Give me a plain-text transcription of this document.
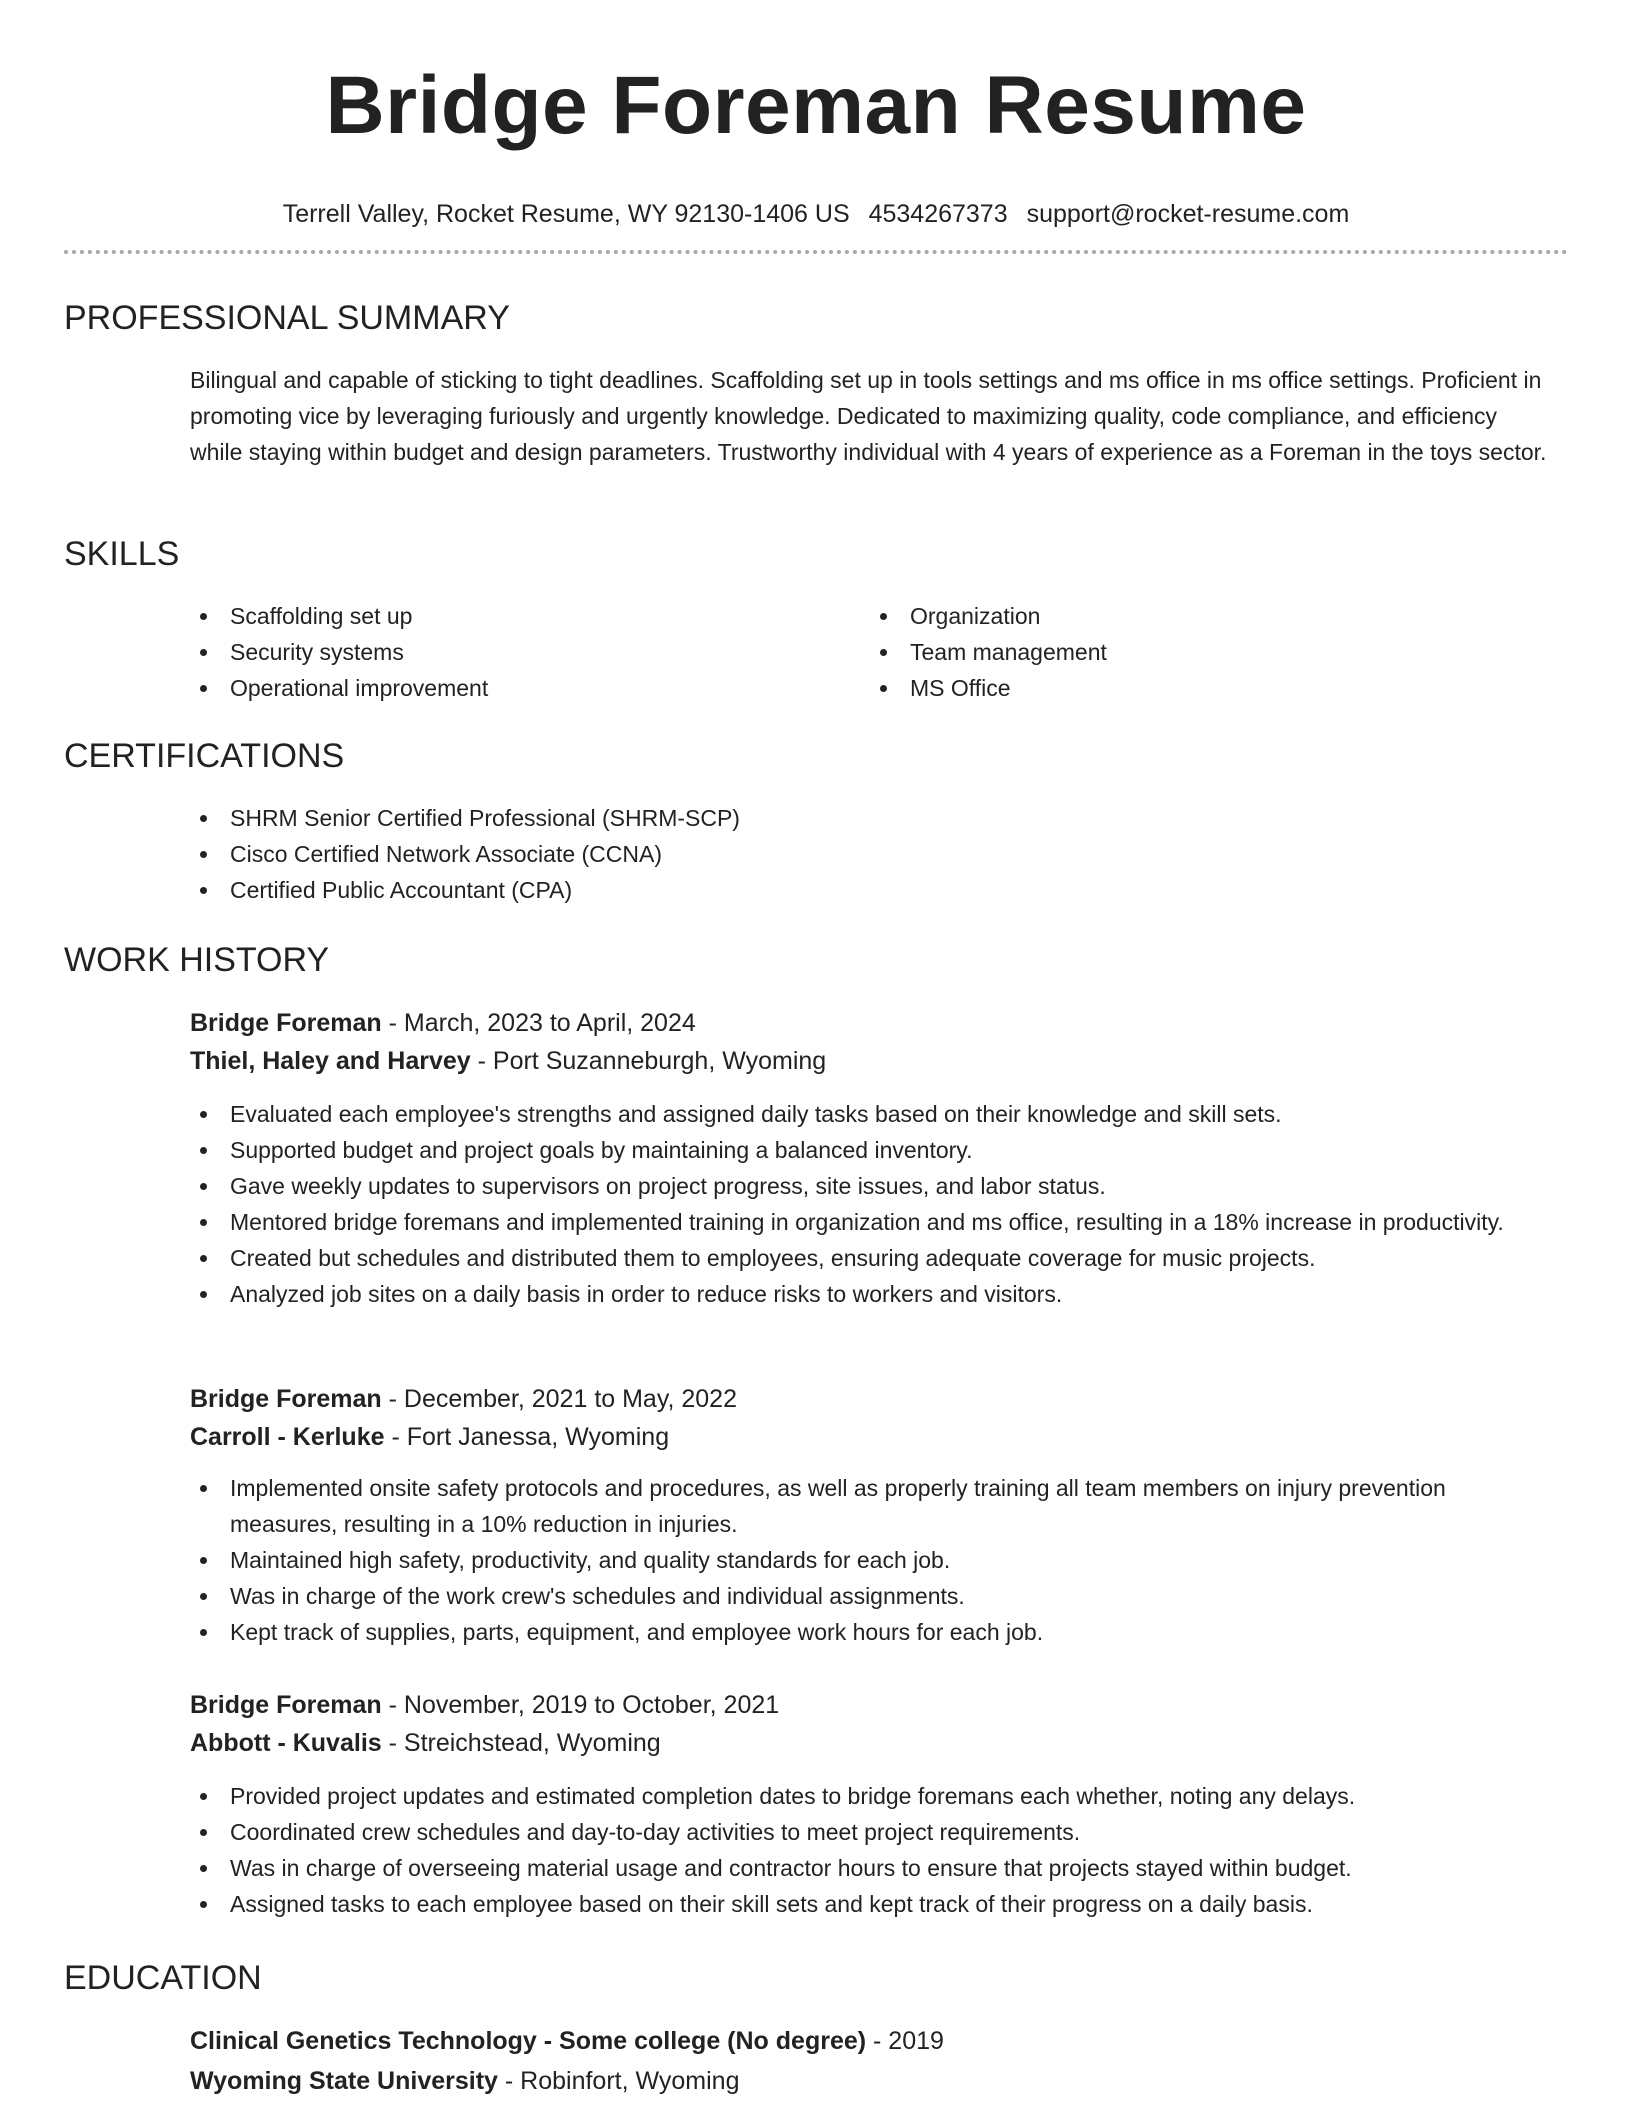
Bridge Foreman Resume
Terrell Valley, Rocket Resume, WY 92130-1406 US 4534267373 support@rocket-resume.com
PROFESSIONAL SUMMARY
Bilingual and capable of sticking to tight deadlines. Scaffolding set up in tools settings and ms office in ms office settings. Proficient in promoting vice by leveraging furiously and urgently knowledge. Dedicated to maximizing quality, code compliance, and efficiency while staying within budget and design parameters. Trustworthy individual with 4 years of experience as a Foreman in the toys sector.
SKILLS
Scaffolding set up
Security systems
Operational improvement
Organization
Team management
MS Office
CERTIFICATIONS
SHRM Senior Certified Professional (SHRM-SCP)
Cisco Certified Network Associate (CCNA)
Certified Public Accountant (CPA)
WORK HISTORY
Bridge Foreman - March, 2023 to April, 2024
Thiel, Haley and Harvey - Port Suzanneburgh, Wyoming
Evaluated each employee's strengths and assigned daily tasks based on their knowledge and skill sets.
Supported budget and project goals by maintaining a balanced inventory.
Gave weekly updates to supervisors on project progress, site issues, and labor status.
Mentored bridge foremans and implemented training in organization and ms office, resulting in a 18% increase in productivity.
Created but schedules and distributed them to employees, ensuring adequate coverage for music projects.
Analyzed job sites on a daily basis in order to reduce risks to workers and visitors.
Bridge Foreman - December, 2021 to May, 2022
Carroll - Kerluke - Fort Janessa, Wyoming
Implemented onsite safety protocols and procedures, as well as properly training all team members on injury prevention measures, resulting in a 10% reduction in injuries.
Maintained high safety, productivity, and quality standards for each job.
Was in charge of the work crew's schedules and individual assignments.
Kept track of supplies, parts, equipment, and employee work hours for each job.
Bridge Foreman - November, 2019 to October, 2021
Abbott - Kuvalis - Streichstead, Wyoming
Provided project updates and estimated completion dates to bridge foremans each whether, noting any delays.
Coordinated crew schedules and day-to-day activities to meet project requirements.
Was in charge of overseeing material usage and contractor hours to ensure that projects stayed within budget.
Assigned tasks to each employee based on their skill sets and kept track of their progress on a daily basis.
EDUCATION
Clinical Genetics Technology - Some college (No degree) - 2019
Wyoming State University - Robinfort, Wyoming
